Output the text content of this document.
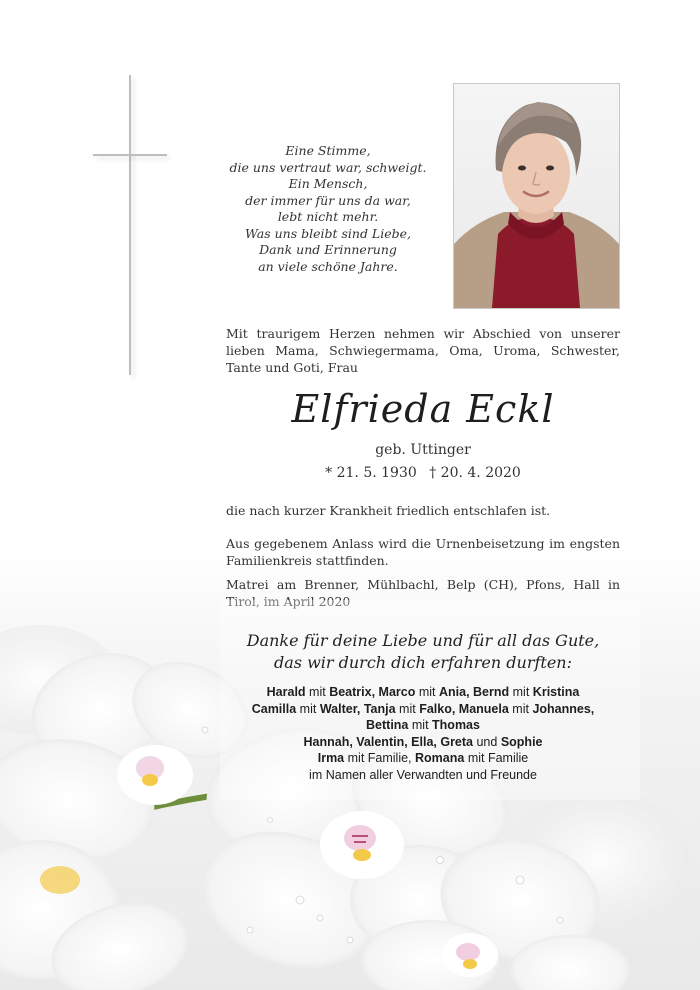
Eine Stimme,
die uns vertraut war, schweigt.
Ein Mensch,
der immer für uns da war,
lebt nicht mehr.
Was uns bleibt sind Liebe,
Dank und Erinnerung
an viele schöne Jahre.
Mit traurigem Herzen nehmen wir Abschied von unserer lieben Mama, Schwiegermama, Oma, Uroma, Schwester, Tante und Goti, Frau
Elfrieda Eckl
geb. Uttinger
* 21. 5. 1930 † 20. 4. 2020
die nach kurzer Krankheit friedlich entschlafen ist.
Aus gegebenem Anlass wird die Urnenbeisetzung im engsten Familienkreis stattfinden.
Matrei am Brenner, Mühlbachl, Belp (CH), Pfons, Hall in Tirol, im April 2020
Danke für deine Liebe und für all das Gute,
das wir durch dich erfahren durften:
Harald mit Beatrix, Marco mit Ania, Bernd mit Kristina
Camilla mit Walter, Tanja mit Falko, Manuela mit Johannes,
Bettina mit Thomas
Hannah, Valentin, Ella, Greta und Sophie
Irma mit Familie, Romana mit Familie
im Namen aller Verwandten und Freunde
